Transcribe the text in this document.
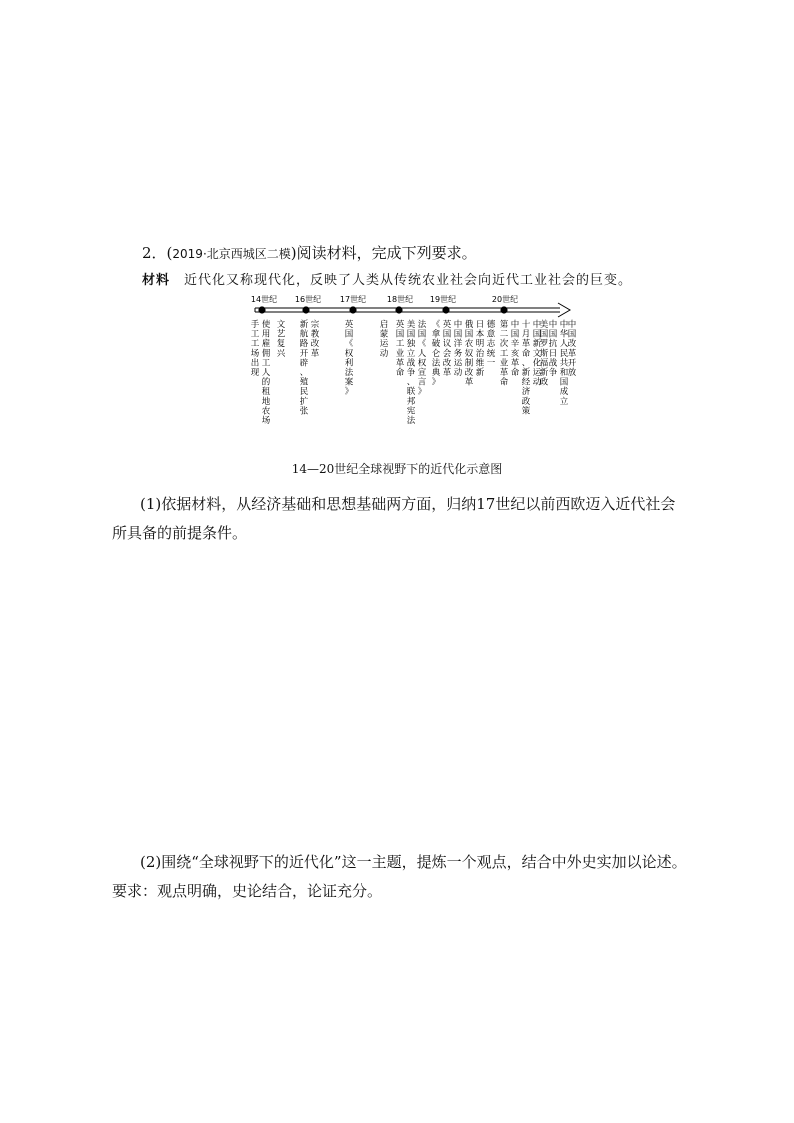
2．(2019·北京西城区二模)阅读材料，完成下列要求。
材料 近代化又称现代化，反映了人类从传统农业社会向近代工业社会的巨变。
14世纪 16世纪 17世纪	18世纪 19世纪	20世纪
手工工场出现
使用雇佣工人的租地农场
文艺复兴
新航路开辟、殖民扩张
宗教改革
英国《权利法案》
启蒙运动
英国工业革命
美国独立战争、联邦宪法
法国《人权宣言》
《拿破仑法典》
英国议会改革
中国洋务运动
俄国农奴制改革
日本明治维新
德意志统一
第二次工业革命
中国辛亥革命
十月革命、新经济政策
中国新文化运动
美国罗斯福新政
中国抗日战争
中华人民共和国成立
中国改革开放
14—20世纪全球视野下的近代化示意图
(1)依据材料，从经济基础和思想基础两方面，归纳17世纪以前西欧迈入近代社会所具备的前提条件。
(2)围绕“全球视野下的近代化”这一主题，提炼一个观点，结合中外史实加以论述。要求：观点明确，史论结合，论证充分。
